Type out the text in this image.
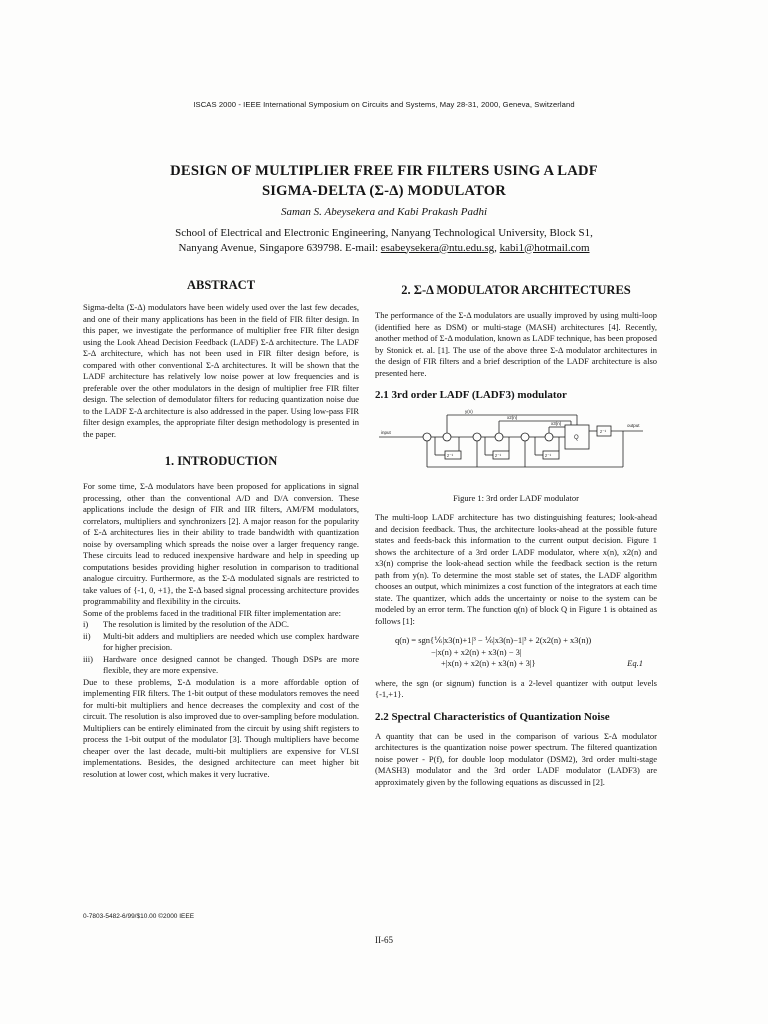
ISCAS 2000 - IEEE International Symposium on Circuits and Systems, May 28-31, 2000, Geneva, Switzerland
DESIGN OF MULTIPLIER FREE FIR FILTERS USING A LADF
SIGMA-DELTA (Σ-Δ) MODULATOR
Saman S. Abeysekera and Kabi Prakash Padhi
School of Electrical and Electronic Engineering, Nanyang Technological University, Block S1,
Nanyang Avenue, Singapore 639798. E-mail: esabeysekera@ntu.edu.sg, kabi1@hotmail.com
ABSTRACT
Sigma-delta (Σ-Δ) modulators have been widely used over the last few decades, and one of their many applications has been in the field of FIR filter design. In this paper, we investigate the performance of multiplier free FIR filter design using the Look Ahead Decision Feedback (LADF) Σ-Δ architecture. The LADF Σ-Δ architecture, which has not been used in FIR filter design before, is compared with other conventional Σ-Δ architectures. It will be shown that the LADF architecture has relatively low noise power at low frequencies and is preferable over the other modulators in the design of multiplier free FIR filter design. The selection of demodulator filters for reducing quantization noise due to the LADF Σ-Δ architecture is also addressed in the paper. Using low-pass FIR filter design examples, the appropriate filter design methodology is presented in the paper.
1. INTRODUCTION
For some time, Σ-Δ modulators have been proposed for applications in signal processing, other than the conventional A/D and D/A conversion. These applications include the design of FIR and IIR filters, AM/FM modulators, correlators, multipliers and synchronizers [2]. A major reason for the popularity of Σ-Δ architectures lies in their ability to trade bandwidth with quantization noise by oversampling which spreads the noise over a larger frequency range. These circuits lead to reduced inexpensive hardware and help in speeding up computations besides providing higher resolution in comparison to traditional analogue circuitry. Furthermore, as the Σ-Δ modulated signals are restricted to take values of {-1, 0, +1}, the Σ-Δ based signal processing architecture provides programmability and flexibility in the circuits.
Some of the problems faced in the traditional FIR filter implementation are:
i)	The resolution is limited by the resolution of the ADC.
ii)	Multi-bit adders and multipliers are needed which use complex hardware for higher precision.
iii)	Hardware once designed cannot be changed. Though DSPs are more flexible, they are more expensive.
Due to these problems, Σ-Δ modulation is a more affordable option of implementing FIR filters. The 1-bit output of these modulators removes the need for multi-bit multipliers and hence decreases the complexity and cost of the circuit. The resolution is also improved due to over-sampling before modulation. Multipliers can be entirely eliminated from the circuit by using shift registers to process the 1-bit output of the modulator [3]. Though multipliers have become cheaper over the last decade, multi-bit multipliers are expensive for VLSI implementations. Besides, the designed architecture can meet higher bit resolution at lower cost, which makes it very lucrative.
2. Σ-Δ MODULATOR ARCHITECTURES
The performance of the Σ-Δ modulators are usually improved by using multi-loop (identified here as DSM) or multi-stage (MASH) architectures [4]. Recently, another method of Σ-Δ modulation, known as LADF technique, has been proposed by Stonick et. al. [1]. The use of the above three Σ-Δ modulator architectures in the design of FIR filters and a brief description of the LADF architecture is also presented here.
2.1 3rd order LADF (LADF3) modulator
input
y(n)
x2(n)
x3(n)
Q
z⁻¹
z⁻¹	z⁻¹	z⁻¹
output
Figure 1: 3rd order LADF modulator
The multi-loop LADF architecture has two distinguishing features; look-ahead and decision feedback. Thus, the architecture looks-ahead at the possible future states and feeds-back this information to the current output decision. Figure 1 shows the architecture of a 3rd order LADF modulator, where x(n), x2(n) and x3(n) comprise the look-ahead section while the feedback section is the return path from y(n). To determine the most stable set of states, the LADF algorithm chooses an output, which minimizes a cost function of the integrators at each time state. The quantizer, which adds the uncertainty or noise to the system can be modeled by an error term. The function q(n) of block Q in Figure 1 is obtained as follows [1]:
q(n) = sgn{⅙|x3(n)+1|³ − ⅙|x3(n)−1|³ + 2(x2(n) + x3(n))
−|x(n) + x2(n) + x3(n) − 3|
+|x(n) + x2(n) + x3(n) + 3|}	Eq.1
where, the sgn (or signum) function is a 2-level quantizer with output levels {-1,+1}.
2.2 Spectral Characteristics of Quantization Noise
A quantity that can be used in the comparison of various Σ-Δ modulator architectures is the quantization noise power spectrum. The filtered quantization noise power - P(f), for double loop modulator (DSM2), 3rd order multi-stage (MASH3) modulator and the 3rd order LADF modulator (LADF3) are approximately given by the following equations as discussed in [2].
0-7803-5482-6/99/$10.00 ©2000 IEEE
II-65
